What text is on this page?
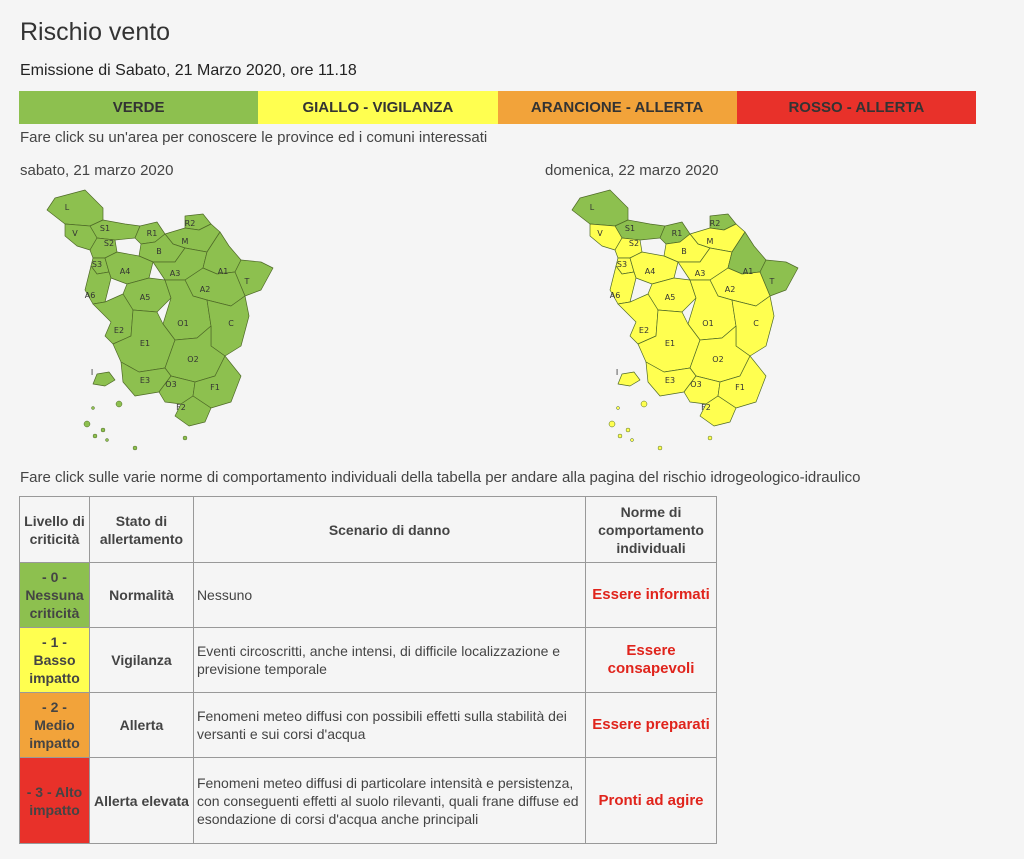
Rischio vento
Emissione di Sabato, 21 Marzo 2020, ore 11.18
VERDE	GIALLO - VIGILANZA	ARANCIONE - ALLERTA	ROSSO - ALLERTA
Fare click su un'area per conoscere le province ed i comuni interessati
sabato, 21 marzo 2020	domenica, 22 marzo 2020
L
S1
V
S2
S3
R1
R2
M
B
A4	A3	A1
T
A6	A5
A2
E2
O1	C
E1
O2
I
E3 O3	F1
F2
L
S1
V
S2
S3
R1
R2
M
B
A4	A3	A1
T
A6	A5
A2
E2
O1	C
E1
O2
I
E3 O3	F1
F2
Fare click sulle varie norme di comportamento individuali della tabella per andare alla pagina del rischio idrogeologico-idraulico
Livello di criticità	Stato di allertamento	Scenario di danno	Norme di comportamento individuali
- 0 - Nessuna criticità	Normalità	Nessuno	Essere informati
- 1 - Basso impatto	Vigilanza	Eventi circoscritti, anche intensi, di difficile localizzazione e previsione temporale	Essere consapevoli
- 2 - Medio impatto	Allerta	Fenomeni meteo diffusi con possibili effetti sulla stabilità dei versanti e sui corsi d'acqua	Essere preparati
- 3 - Alto impatto	Allerta elevata	Fenomeni meteo diffusi di particolare intensità e persistenza, con conseguenti effetti al suolo rilevanti, quali frane diffuse ed esondazione di corsi d'acqua anche principali	Pronti ad agire
